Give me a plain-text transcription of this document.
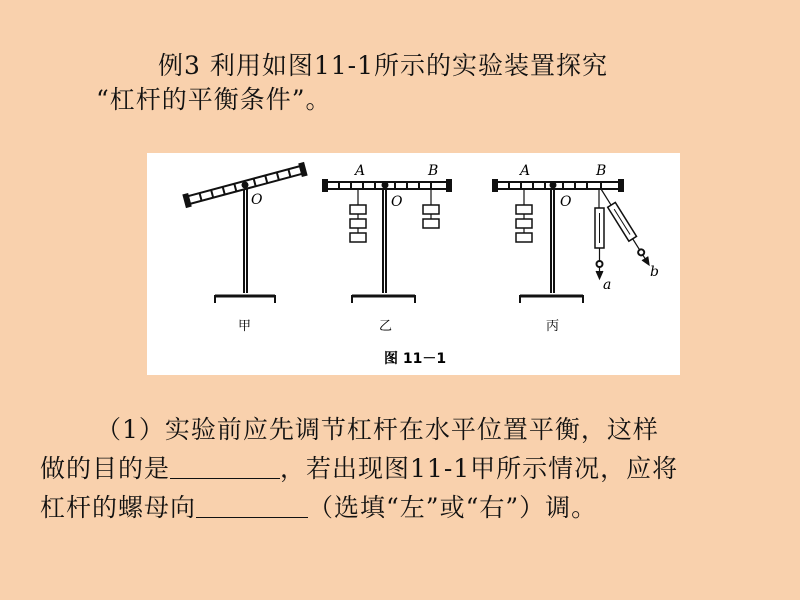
例3 利用如图11-1所示的实验装置探究
“杠杆的平衡条件”。
O
甲
A	B
O
乙
A	B
O
a
b
丙
图 11－1
（1）实验前应先调节杠杆在水平位置平衡，这样
做的目的是	，若出现图11-1甲所示情况，应将
杠杆的螺母向	（选填“左”或“右”）调。
